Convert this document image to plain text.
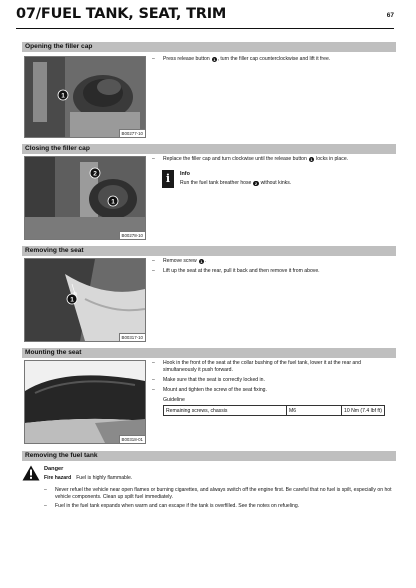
07/FUEL TANK, SEAT, TRIM	67
Opening the filler cap
1
B00277-10
–	Press release button 1 , turn the filler cap counterclockwise and lift it free.
Closing the filler cap
2
1
B00278-10
–	Replace the filler cap and turn clockwise until the release button 1 locks in place.
i	Info
Run the fuel tank breather hose 2 without kinks.
Removing the seat
1
B00317-10
–	Remove screw 1 .
–	Lift up the seat at the rear, pull it back and then remove it from above.
Mounting the seat
B00318-01
–	Hook in the front of the seat at the collar bushing of the fuel tank, lower it at the rear and simultaneously it push forward.
–	Make sure that the seat is correctly locked in.
–	Mount and tighten the screw of the seat fixing.
Guideline
Remaining screws, chassis	M6	10 Nm (7.4 lbf ft)
Removing the fuel tank
Danger
Fire hazard Fuel is highly flammable.
–	Never refuel the vehicle near open flames or burning cigarettes, and always switch off the engine first. Be careful that no fuel is spilt, especially on hot vehicle components. Clean up spilt fuel immediately.
–	Fuel in the fuel tank expands when warm and can escape if the tank is overfilled. See the notes on refueling.
